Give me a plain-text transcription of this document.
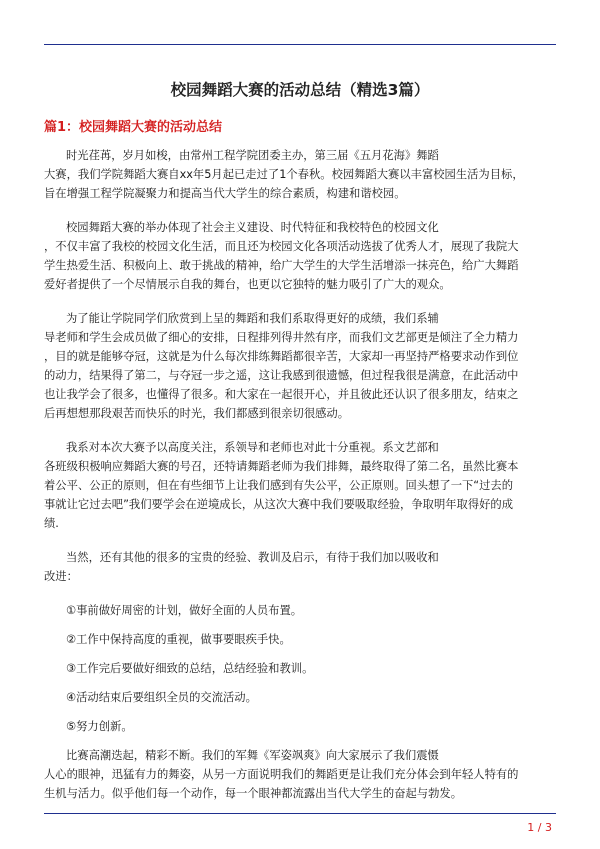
校园舞蹈大赛的活动总结（精选3篇）
篇1：校园舞蹈大赛的活动总结
时光荏苒，岁月如梭，由常州工程学院团委主办，第三届《五月花海》舞蹈
大赛，我们学院舞蹈大赛自xx年5月起已走过了1个春秋。校园舞蹈大赛以丰富校园生活为目标，
旨在增强工程学院凝聚力和提高当代大学生的综合素质，构建和谐校园。
校园舞蹈大赛的举办体现了社会主义建设、时代特征和我校特色的校园文化
，不仅丰富了我校的校园文化生活，而且还为校园文化各项活动选拔了优秀人才，展现了我院大
学生热爱生活、积极向上、敢于挑战的精神，给广大学生的大学生活增添一抹亮色，给广大舞蹈
爱好者提供了一个尽情展示自我的舞台，也更以它独特的魅力吸引了广大的观众。
为了能让学院同学们欣赏到上呈的舞蹈和我们系取得更好的成绩，我们系辅
导老师和学生会成员做了细心的安排，日程排列得井然有序，而我们文艺部更是倾注了全力精力
，目的就是能够夺冠，这就是为什么每次排练舞蹈都很辛苦，大家却一再坚持严格要求动作到位
的动力，结果得了第二，与夺冠一步之遥，这让我感到很遗憾，但过程我很是满意，在此活动中
也让我学会了很多，也懂得了很多。和大家在一起很开心，并且彼此还认识了很多朋友，结束之
后再想想那段艰苦而快乐的时光，我们都感到很亲切很感动。
我系对本次大赛予以高度关注，系领导和老师也对此十分重视。系文艺部和
各班级积极响应舞蹈大赛的号召，还特请舞蹈老师为我们排舞，最终取得了第二名，虽然比赛本
着公平、公正的原则，但在有些细节上让我们感到有失公平，公正原则。回头想了一下“过去的
事就让它过去吧”我们要学会在逆境成长，从这次大赛中我们要吸取经验，争取明年取得好的成
绩.
当然，还有其他的很多的宝贵的经验、教训及启示，有待于我们加以吸收和
改进：
①事前做好周密的计划，做好全面的人员布置。
②工作中保持高度的重视，做事要眼疾手快。
③工作完后要做好细致的总结，总结经验和教训。
④活动结束后要组织全员的交流活动。
⑤努力创新。
比赛高潮迭起，精彩不断。我们的军舞《军姿飒爽》向大家展示了我们震慑
人心的眼神，迅猛有力的舞姿，从另一方面说明我们的舞蹈更是让我们充分体会到年轻人特有的
生机与活力。似乎他们每一个动作，每一个眼神都流露出当代大学生的奋起与勃发。
1 / 3
